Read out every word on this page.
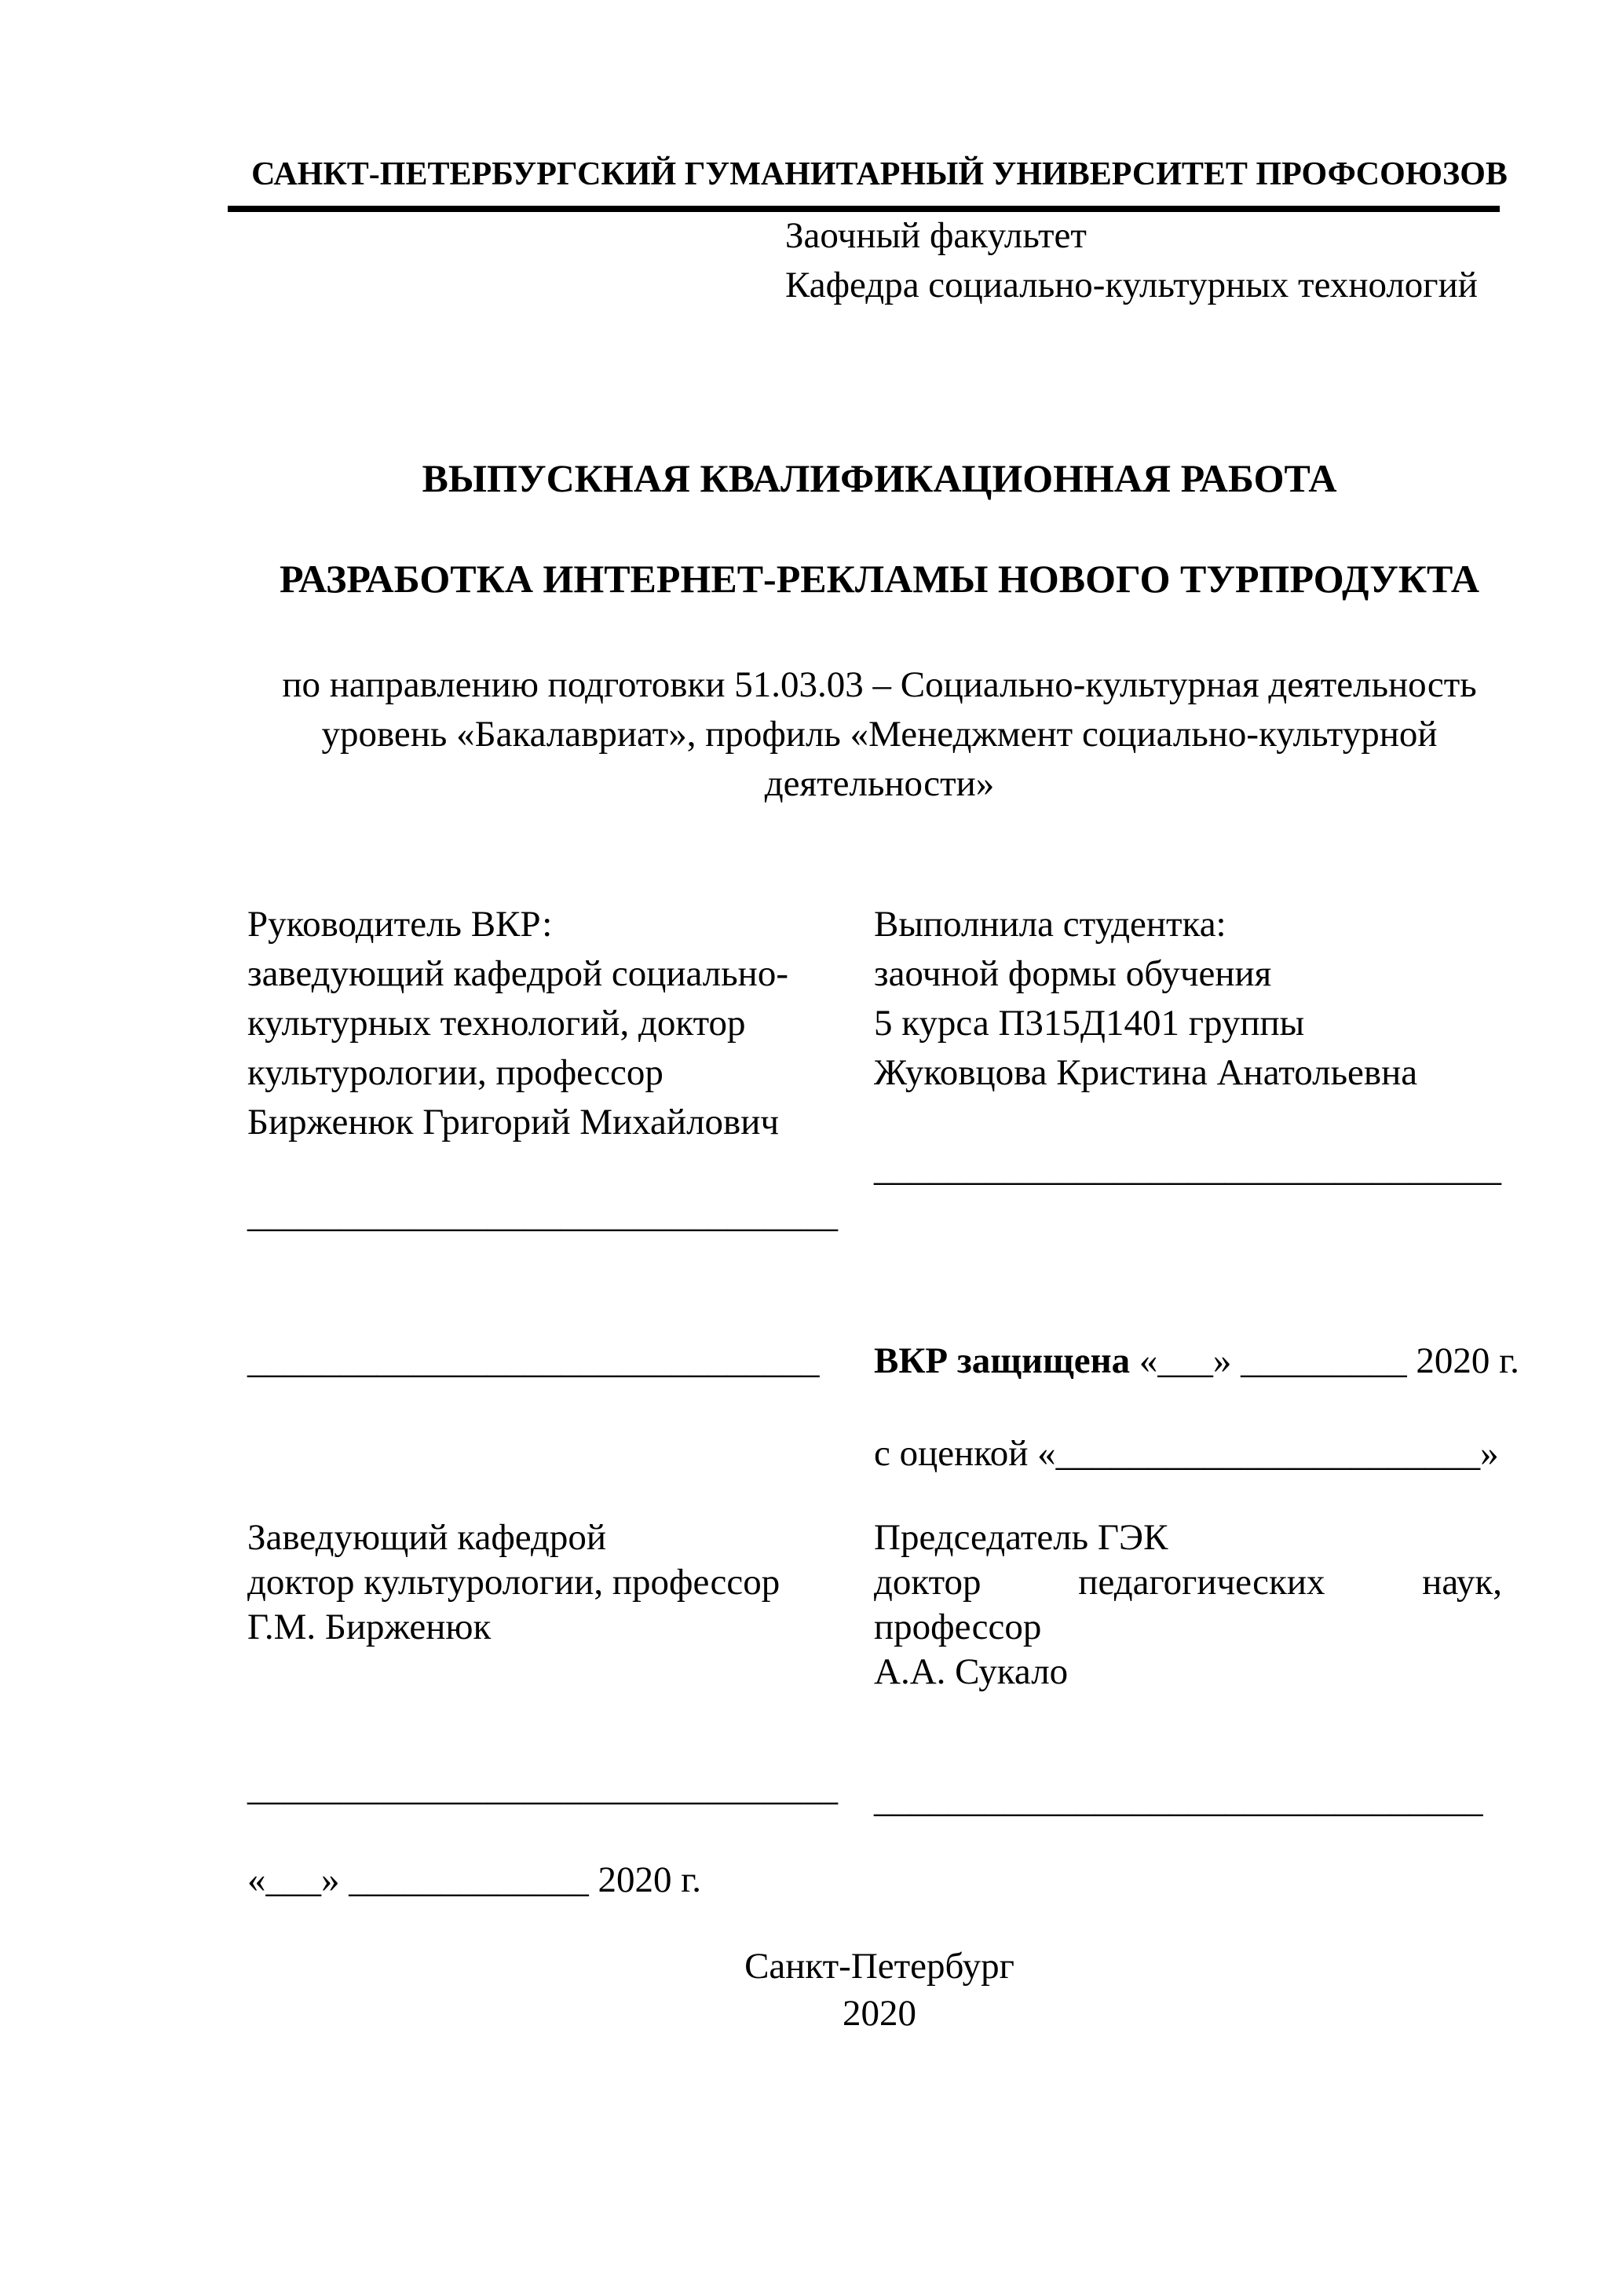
САНКТ-ПЕТЕРБУРГСКИЙ ГУМАНИТАРНЫЙ УНИВЕРСИТЕТ ПРОФСОЮЗОВ
Заочный факультет
Кафедра социально-культурных технологий
ВЫПУСКНАЯ КВАЛИФИКАЦИОННАЯ РАБОТА
РАЗРАБОТКА ИНТЕРНЕТ-РЕКЛАМЫ НОВОГО ТУРПРОДУКТА
по направлению подготовки 51.03.03 – Социально-культурная деятельность
уровень «Бакалавриат», профиль «Менеджмент социально-культурной
деятельности»
Руководитель ВКР:
заведующий кафедрой социально-
культурных технологий, доктор
культурологии, профессор
Бирженюк Григорий Михайлович
Выполнила студентка:
заочной формы обучения
5 курса П315Д1401 группы
Жуковцова Кристина Анатольевна
__________________________________
________________________________
_______________________________ ВКР защищена «___» _________ 2020 г.
с оценкой «_______________________»
Заведующий кафедрой
доктор культурологии, профессор
Г.М. Бирженюк
Председатель ГЭК
доктор	педагогических	наук,
профессор
А.А. Сукало
________________________________ _________________________________
«___» _____________ 2020 г.
Санкт-Петербург
2020
